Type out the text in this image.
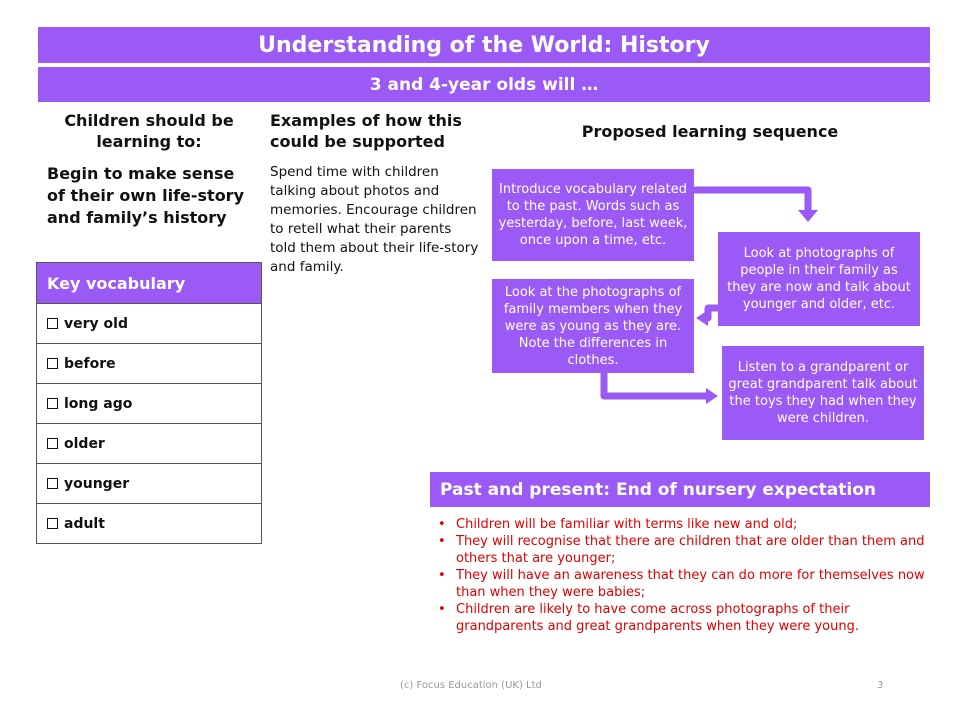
Understanding of the World: History
3 and 4-year olds will …
Children should be learning to:
Examples of how this could be supported
Proposed learning sequence
Begin to make sense of their own life-story and family’s history
Spend time with children talking about photos and memories. Encourage children to retell what their parents told them about their life-story and family.
Key vocabulary
very old
before
long ago
older
younger
adult
Introduce vocabulary related to the past. Words such as yesterday, before, last week, once upon a time, etc.
Look at photographs of people in their family as they are now and talk about younger and older, etc.
Look at the photographs of family members when they were as young as they are. Note the differences in clothes.	Listen to a grandparent or great grandparent talk about the toys they had when they were children.
Past and present: End of nursery expectation
• Children will be familiar with terms like new and old;
• They will recognise that there are children that are older than them and others that are younger;
• They will have an awareness that they can do more for themselves now than when they were babies;
• Children are likely to have come across photographs of their grandparents and great grandparents when they were young.
(c) Focus Education (UK) Ltd	3
